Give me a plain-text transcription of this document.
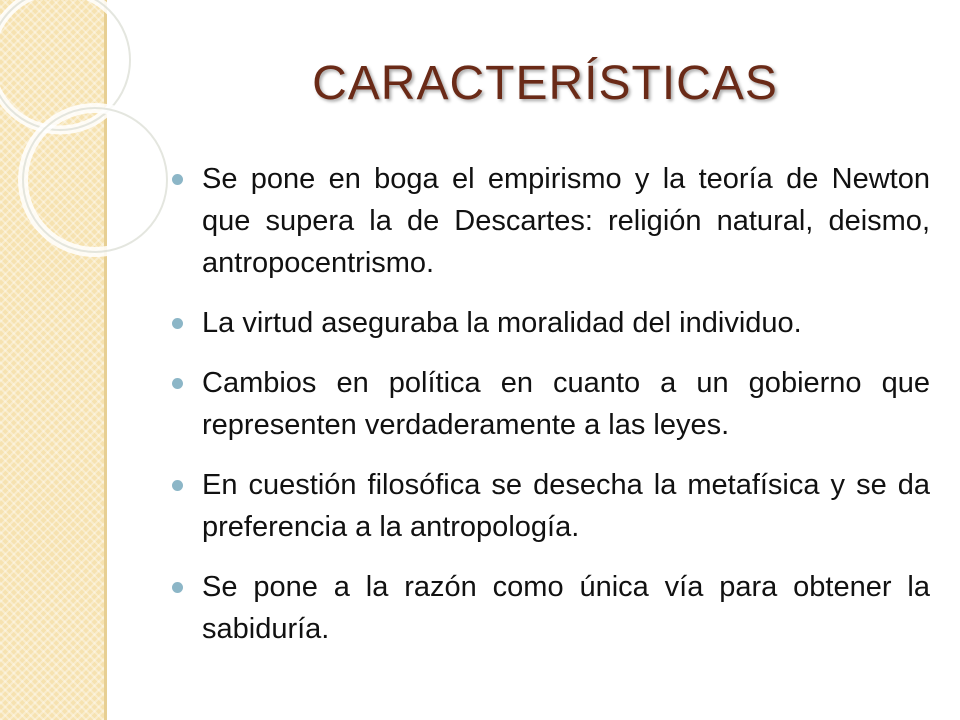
CARACTERÍSTICAS
Se pone en boga el empirismo y la teoría de Newton que supera la de Descartes: religión natural, deismo, antropocentrismo.
La virtud aseguraba la moralidad del individuo.
Cambios en política en cuanto a un gobierno que representen verdaderamente a las leyes.
En cuestión filosófica se desecha la metafísica y se da preferencia a la antropología.
Se pone a la razón como única vía para obtener la sabiduría.
